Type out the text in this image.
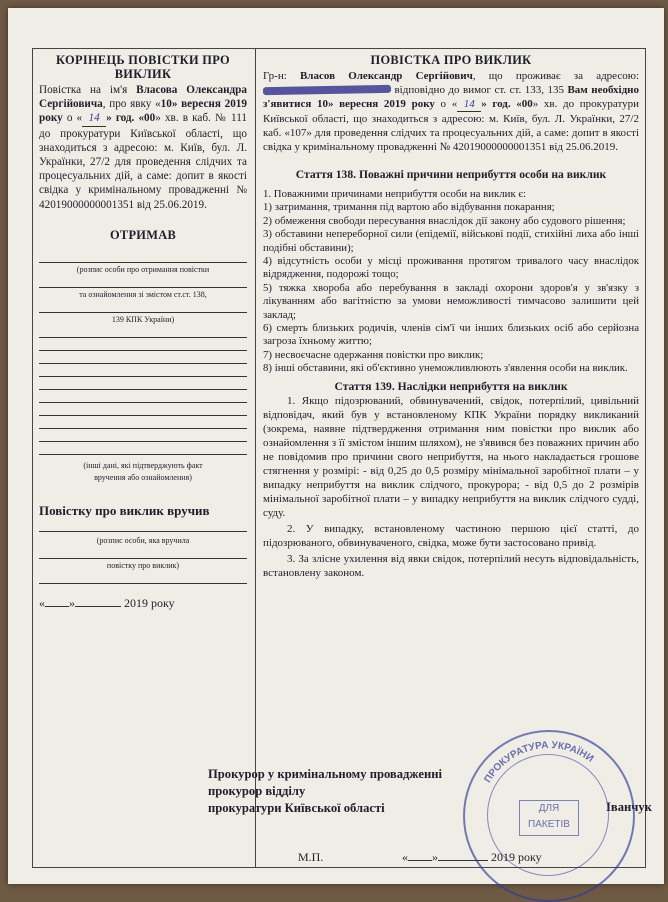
КОРІНЕЦЬ ПОВІСТКИ ПРО ВИКЛИК
Повістка на ім'я Власова Олександра Сергійовича, про явку «10» вересня 2019 року о « 14 » год. «00» хв. в каб. № 111 до прокуратури Київської області, що знаходиться з адресою: м. Київ, бул. Л. Українки, 27/2 для проведення слідчих та процесуальних дій, а саме: допит в якості свідка у кримінальному провадженні № 42019000000001351 від 25.06.2019.
ОТРИМАВ
(розпис особи про отримання повістки
та ознайомлення зі змістом ст.ст. 138,
139 КПК України)
(інші дані, які підтверджують факт
вручення або ознайомлення)
Повістку про виклик вручив
(розпис особи, яка вручила
повістку про виклик)
« »	2019 року
ПОВІСТКА ПРО ВИКЛИК
Гр-н: Власов Олександр Сергійович, що проживає за адресою:  відповідно до вимог ст. ст. 133, 135 Вам необхідно з'явитися 10» вересня 2019 року о « 14 » год. «00» хв. до прокуратури Київської області, що знаходиться з адресою: м. Київ, бул. Л. Українки, 27/2 каб. «107» для проведення слідчих та процесуальних дій, а саме: допит в якості свідка у кримінальному провадженні № 42019000000001351 від 25.06.2019.
Стаття 138. Поважні причини неприбуття особи на виклик
1. Поважними причинами неприбуття особи на виклик є:
1) затримання, тримання під вартою або відбування покарання;
2) обмеження свободи пересування внаслідок дії закону або судового рішення;
3) обставини непереборної сили (епідемії, військові події, стихійні лиха або інші подібні обставини);
4) відсутність особи у місці проживання протягом тривалого часу внаслідок відрядження, подорожі тощо;
5) тяжка хвороба або перебування в закладі охорони здоров'я у зв'язку з лікуванням або вагітністю за умови неможливості тимчасово залишити цей заклад;
6) смерть близьких родичів, членів сім'ї чи інших близьких осіб або серйозна загроза їхньому життю;
7) несвоєчасне одержання повістки про виклик;
8) інші обставини, які об'єктивно унеможливлюють з'явлення особи на виклик.
Стаття 139. Наслідки неприбуття на виклик
1. Якщо підозрюваний, обвинувачений, свідок, потерпілий, цивільний відповідач, який був у встановленому КПК України порядку викликаний (зокрема, наявне підтвердження отримання ним повістки про виклик або ознайомлення з її змістом іншим шляхом), не з'явився без поважних причин або не повідомив про причини свого неприбуття, на нього накладається грошове стягнення у розмірі: - від 0,25 до 0,5 розміру мінімальної заробітної плати – у випадку неприбуття на виклик слідчого, прокурора; - від 0,5 до 2 розмірів мінімальної заробітної плати – у випадку неприбуття на виклик слідчого судді, суду.
2. У випадку, встановленому частиною першою цієї статті, до підозрюваного, обвинуваченого, свідка, може бути застосовано привід.
3. За злісне ухилення від явки свідок, потерпілий несуть відповідальність, встановлену законом.
Прокурор у кримінальному провадженні
прокурор відділу
прокуратури Київської області	Іванчук
ПРОКУРАТУРА УКРАЇНИ
ДЛЯ ПАКЕТІВ
М.П.	« »	2019 року
